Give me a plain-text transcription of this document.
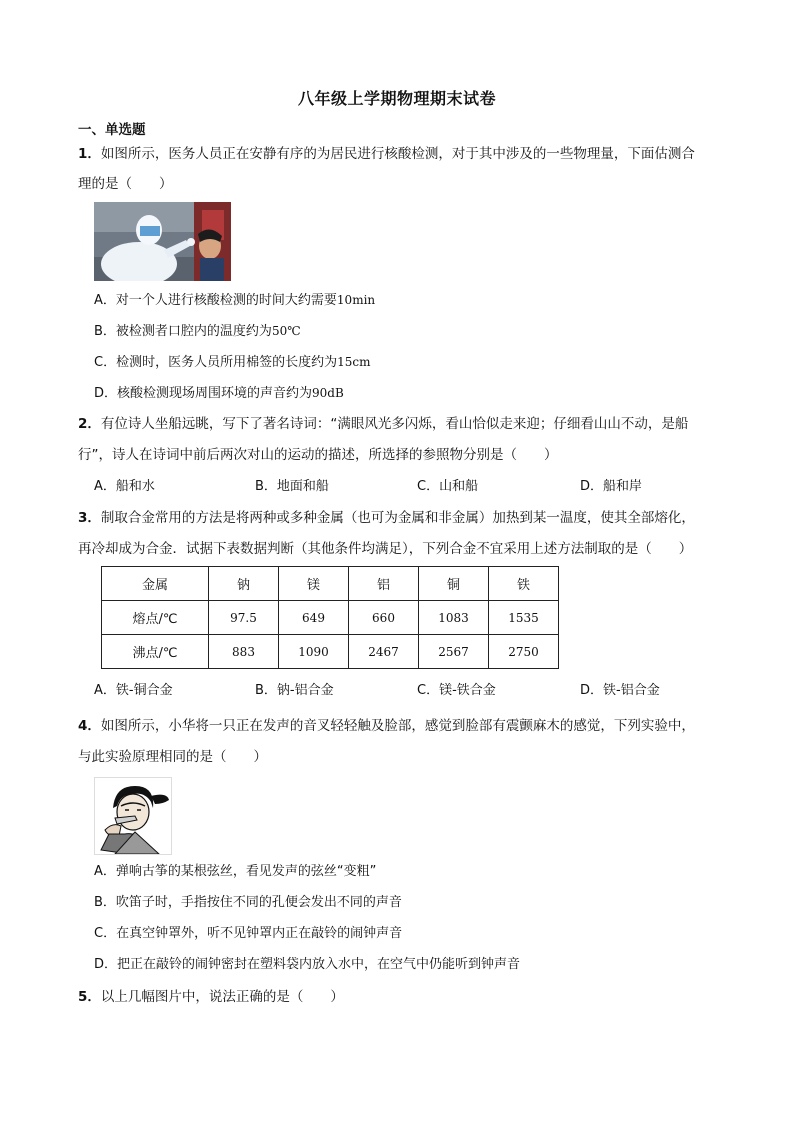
八年级上学期物理期末试卷
一、单选题
1．如图所示，医务人员正在安静有序的为居民进行核酸检测，对于其中涉及的一些物理量，下面估测合
理的是（　　）
A．对一个人进行核酸检测的时间大约需要10min
B．被检测者口腔内的温度约为50℃
C．检测时，医务人员所用棉签的长度约为15cm
D．核酸检测现场周围环境的声音约为90dB
2．有位诗人坐船远眺，写下了著名诗词：“满眼风光多闪烁，看山恰似走来迎；仔细看山山不动，是船
行”，诗人在诗词中前后两次对山的运动的描述，所选择的参照物分别是（　　）
A．船和水	B．地面和船	C．山和船	D．船和岸
3．制取合金常用的方法是将两种或多种金属（也可为金属和非金属）加热到某一温度，使其全部熔化，
再冷却成为合金．试据下表数据判断（其他条件均满足），下列合金不宜采用上述方法制取的是（　　）
金属	钠	镁	铝	铜	铁
熔点/℃	97.5	649	660	1083	1535
沸点/℃	883	1090	2467	2567	2750
A．铁-铜合金	B．钠-铝合金	C．镁-铁合金	D．铁-铝合金
4．如图所示，小华将一只正在发声的音叉轻轻触及脸部，感觉到脸部有震颤麻木的感觉，下列实验中，
与此实验原理相同的是（　　）
A．弹响古筝的某根弦丝，看见发声的弦丝“变粗”
B．吹笛子时，手指按住不同的孔便会发出不同的声音
C．在真空钟罩外，听不见钟罩内正在敲铃的闹钟声音
D．把正在敲铃的闹钟密封在塑料袋内放入水中，在空气中仍能听到钟声音
5．以上几幅图片中，说法正确的是（　　）
